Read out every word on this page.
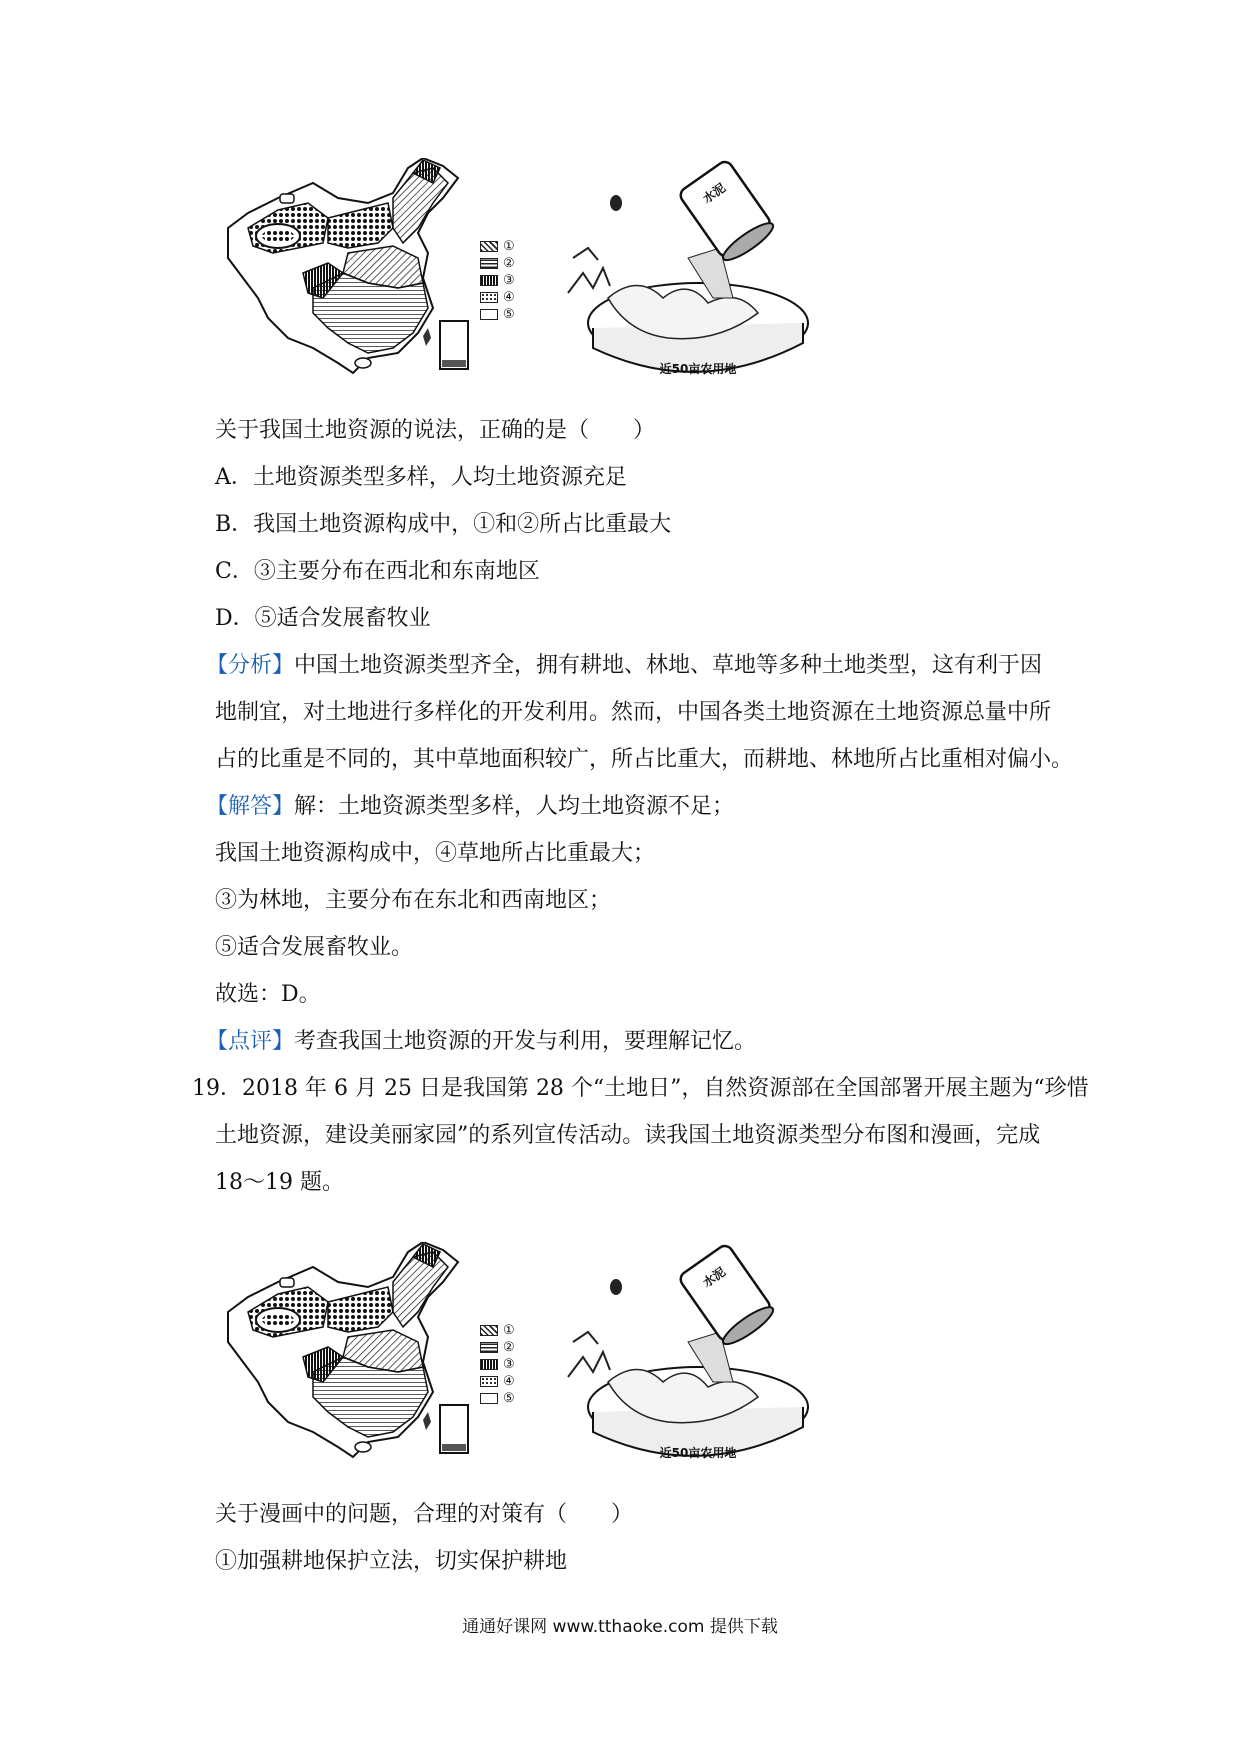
①
②
③
④
⑤
水泥
近50亩农用地
关于我国土地资源的说法，正确的是（　　）
A．土地资源类型多样，人均土地资源充足
B．我国土地资源构成中，①和②所占比重最大
C．③主要分布在西北和东南地区
D．⑤适合发展畜牧业
【分析】中国土地资源类型齐全，拥有耕地、林地、草地等多种土地类型，这有利于因
地制宜，对土地进行多样化的开发利用。然而，中国各类土地资源在土地资源总量中所
占的比重是不同的，其中草地面积较广，所占比重大，而耕地、林地所占比重相对偏小。
【解答】解：土地资源类型多样，人均土地资源不足；
我国土地资源构成中，④草地所占比重最大；
③为林地，主要分布在东北和西南地区；
⑤适合发展畜牧业。
故选：D。
【点评】考查我国土地资源的开发与利用，要理解记忆。
19．2018 年 6 月 25 日是我国第 28 个“土地日”，自然资源部在全国部署开展主题为“珍惜
土地资源，建设美丽家园”的系列宣传活动。读我国土地资源类型分布图和漫画，完成
18～19 题。
①
②
③
④
⑤
水泥
近50亩农用地
关于漫画中的问题，合理的对策有（　　）
①加强耕地保护立法，切实保护耕地
通通好课网 www.tthaoke.com 提供下载
